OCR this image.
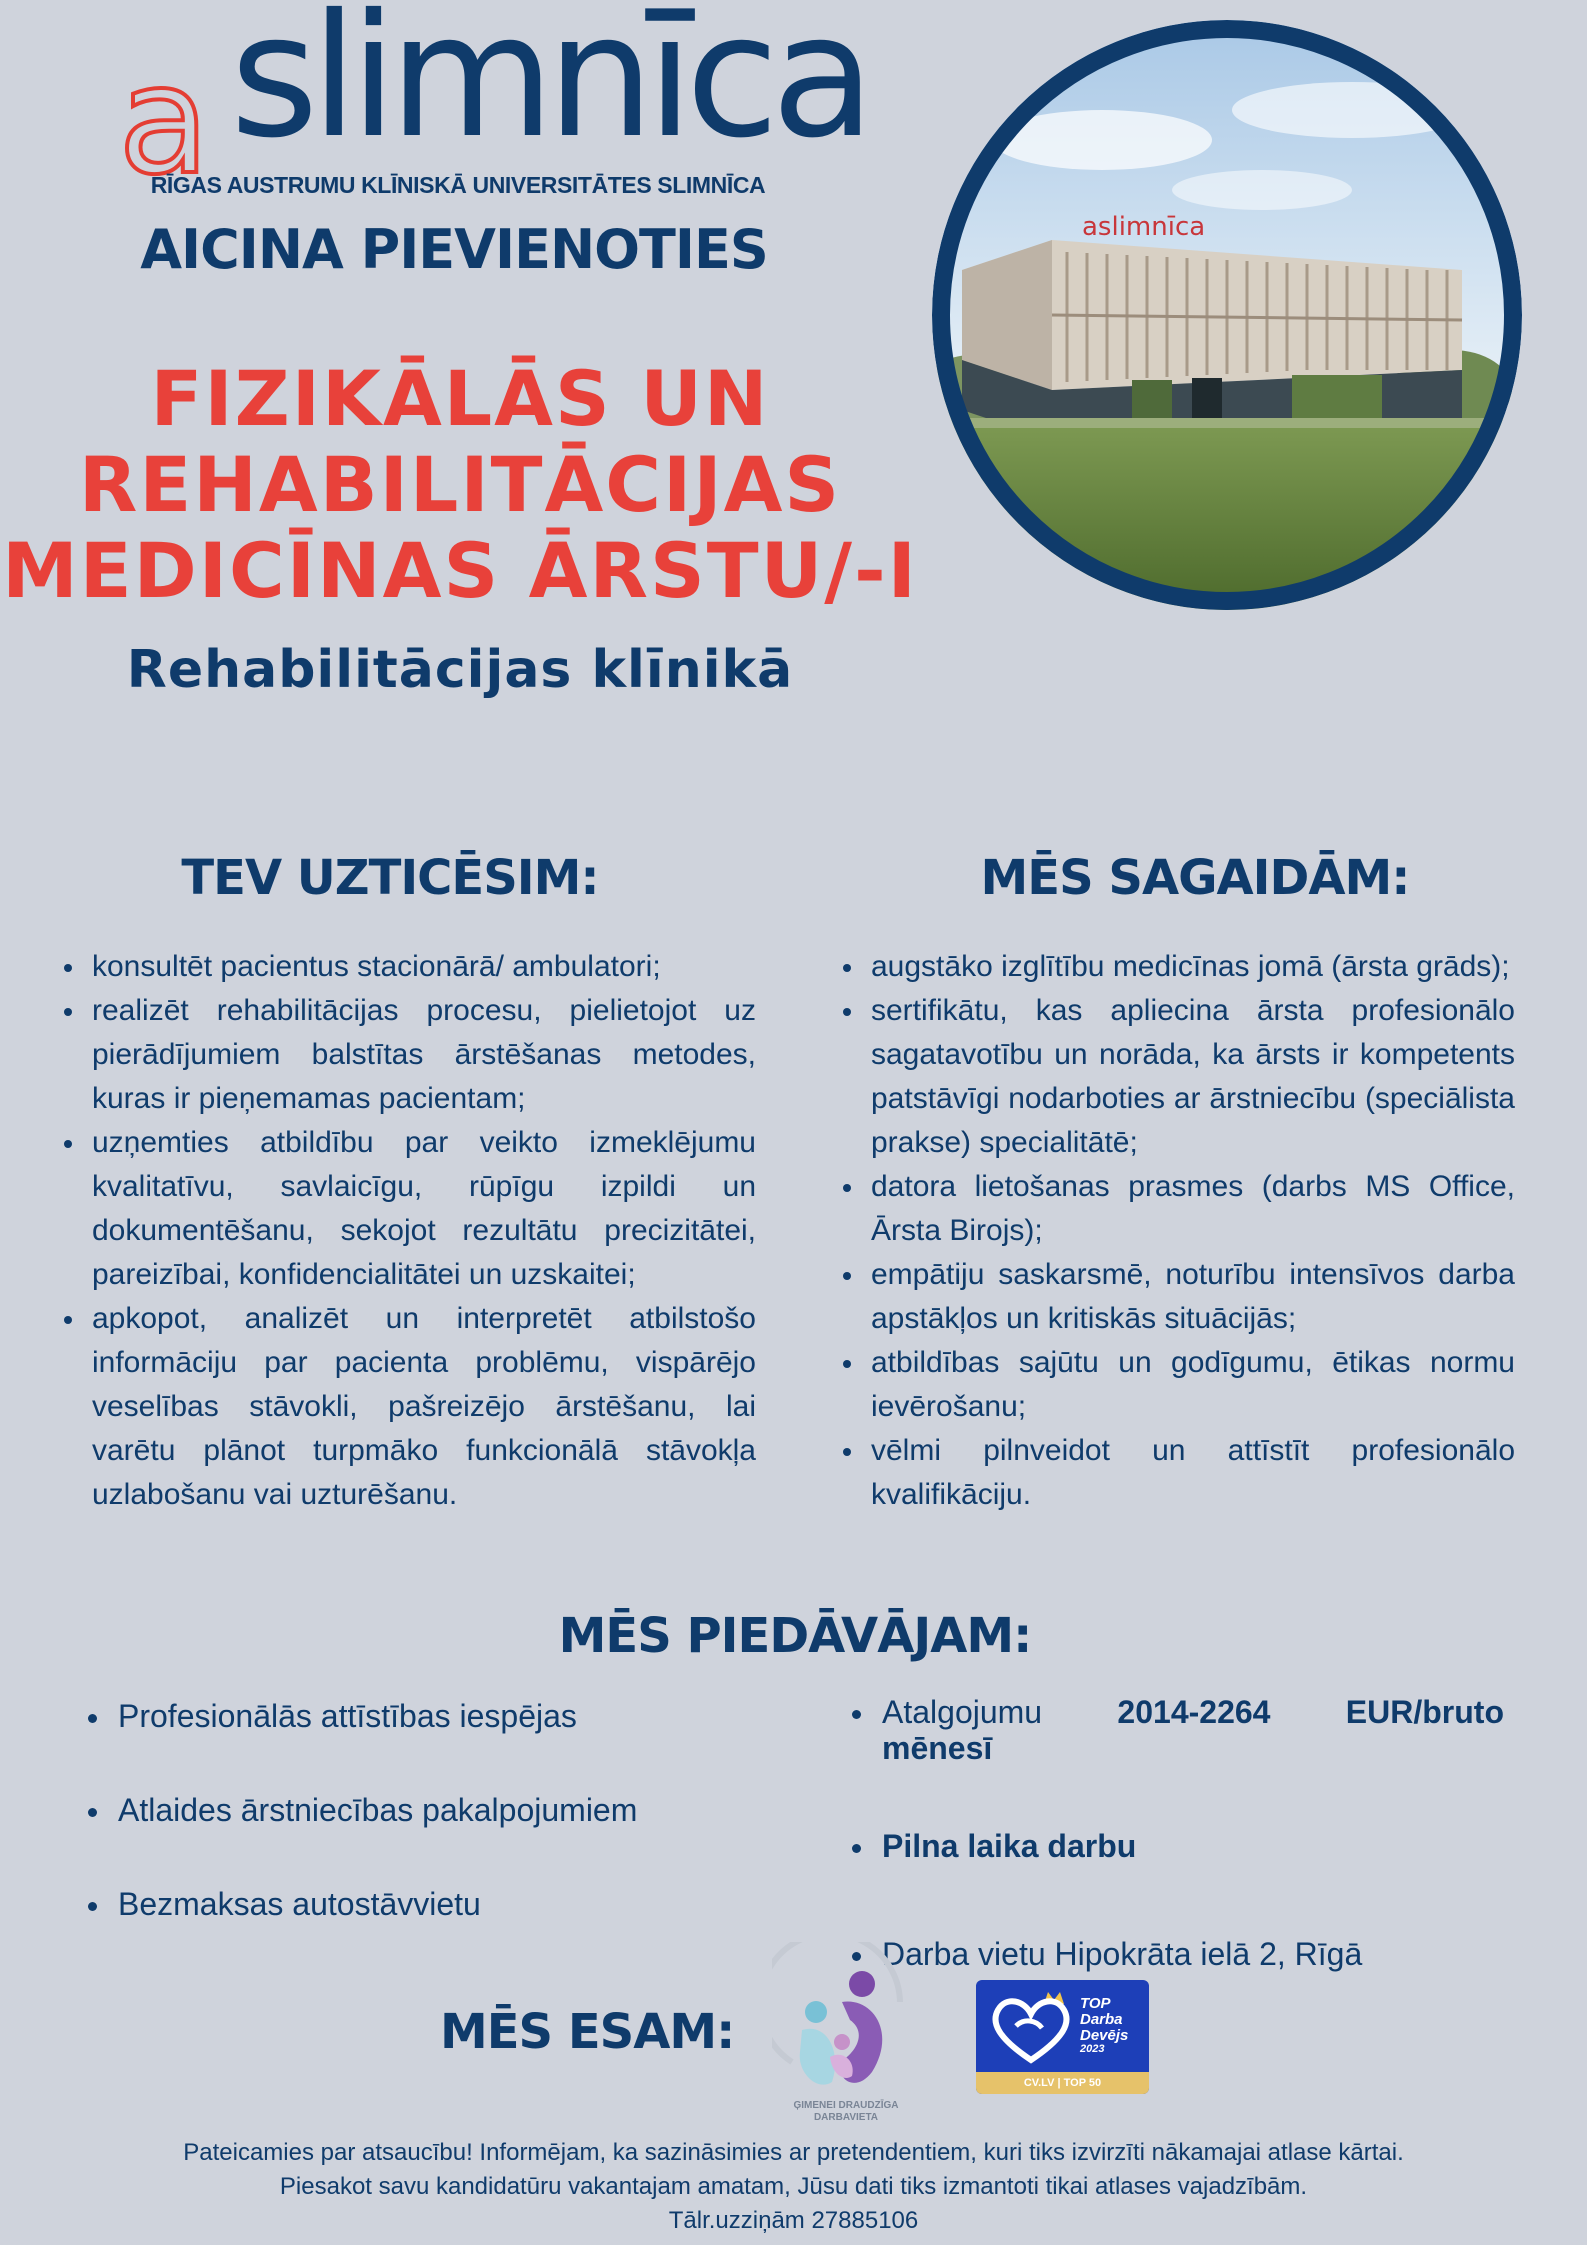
a slimnīca
RĪGAS AUSTRUMU KLĪNISKĀ UNIVERSITĀTES SLIMNĪCA
AICINA PIEVIENOTIES
FIZIKĀLĀS UN
REHABILITĀCIJAS
MEDICĪNAS ĀRSTU/-I
Rehabilitācijas klīnikā
aslimnīca
TEV UZTICĒSIM:
konsultēt pacientus stacionārā/ ambulatori;
realizēt rehabilitācijas procesu, pielietojot uz pierādījumiem balstītas ārstēšanas metodes, kuras ir pieņemamas pacientam;
uzņemties atbildību par veikto izmeklējumu kvalitatīvu, savlaicīgu, rūpīgu izpildi un dokumentēšanu, sekojot rezultātu precizitātei, pareizībai, konfidencialitātei un uzskaitei;
apkopot, analizēt un interpretēt atbilstošo informāciju par pacienta problēmu, vispārējo veselības stāvokli, pašreizējo ārstēšanu, lai varētu plānot turpmāko funkcionālā stāvokļa uzlabošanu vai uzturēšanu.
MĒS SAGAIDĀM:
augstāko izglītību medicīnas jomā (ārsta grāds);
sertifikātu, kas apliecina ārsta profesionālo sagatavotību un norāda, ka ārsts ir kompetents patstāvīgi nodarboties ar ārstniecību (speciālista prakse) specialitātē;
datora lietošanas prasmes (darbs MS Office, Ārsta Birojs);
empātiju saskarsmē, noturību intensīvos darba apstākļos un kritiskās situācijās;
atbildības sajūtu un godīgumu, ētikas normu ievērošanu;
vēlmi pilnveidot un attīstīt profesionālo kvalifikāciju.
MĒS PIEDĀVĀJAM:
Profesionālās attīstības iespējas
Atlaides ārstniecības pakalpojumiem
Bezmaksas autostāvvietu
Atalgojumu 2014-2264 EUR/bruto
mēnesī
Pilna laika darbu
Darba vietu Hipokrāta ielā 2, Rīgā
MĒS ESAM:
ĢIMENEI DRAUDZĪGA DARBAVIETA
TOP
Darba
Devējs
2023
CV.LV | TOP 50
Pateicamies par atsaucību! Informējam, ka sazināsimies ar pretendentiem, kuri tiks izvirzīti nākamajai atlase kārtai.
Piesakot savu kandidatūru vakantajam amatam, Jūsu dati tiks izmantoti tikai atlases vajadzībām.
Tālr.uzziņām 27885106
